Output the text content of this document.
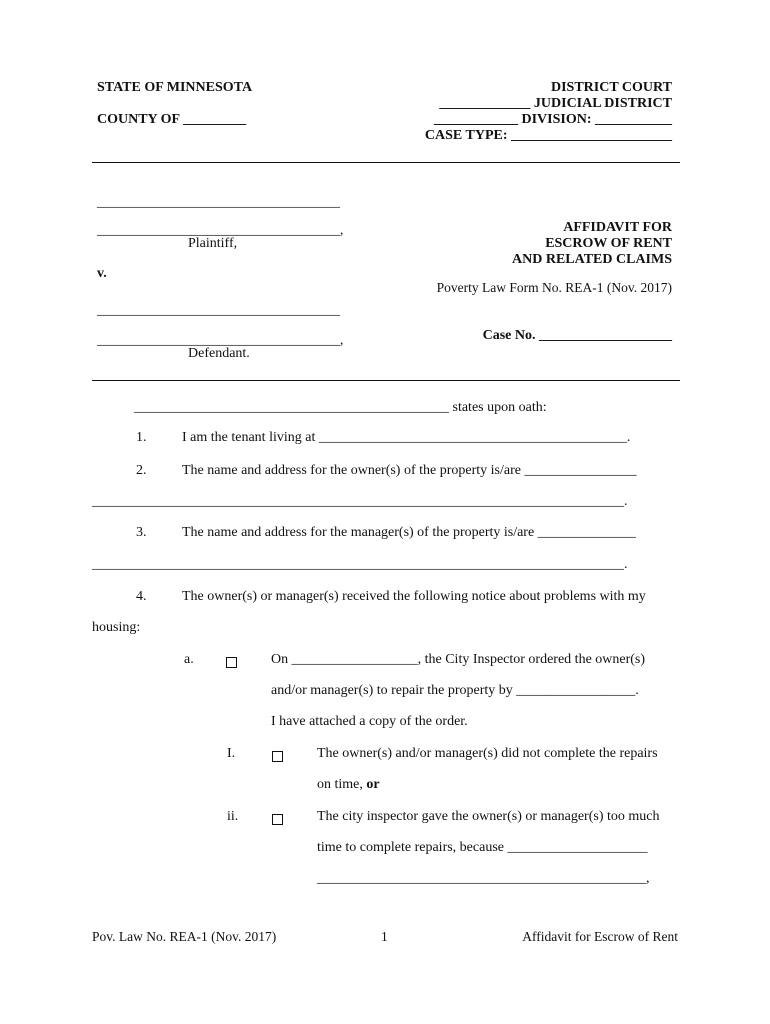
STATE OF MINNESOTA
COUNTY OF _________
DISTRICT COURT
_____________ JUDICIAL DISTRICT
____________ DIVISION: ___________
CASE TYPE: _______________________
____________________________________
____________________________________,
Plaintiff,
v.
____________________________________
____________________________________,
Defendant.
AFFIDAVIT FOR
ESCROW OF RENT
AND RELATED CLAIMS
Poverty Law Form No. REA-1 (Nov. 2017)
Case No. ___________________
_____________________________________________ states upon oath:
1.	I am the tenant living at ____________________________________________.
2.	The name and address for the owner(s) of the property is/are ________________
____________________________________________________________________________.
3.	The name and address for the manager(s) of the property is/are ______________
____________________________________________________________________________.
4.	The owner(s) or manager(s) received the following notice about problems with my
housing:
a.	On __________________, the City Inspector ordered the owner(s)
and/or manager(s) to repair the property by _________________.
I have attached a copy of the order.
I.	The owner(s) and/or manager(s) did not complete the repairs
on time, or
ii.	The city inspector gave the owner(s) or manager(s) too much
time to complete repairs, because ____________________
_______________________________________________,
Pov. Law No. REA-1 (Nov. 2017)	1	Affidavit for Escrow of Rent
